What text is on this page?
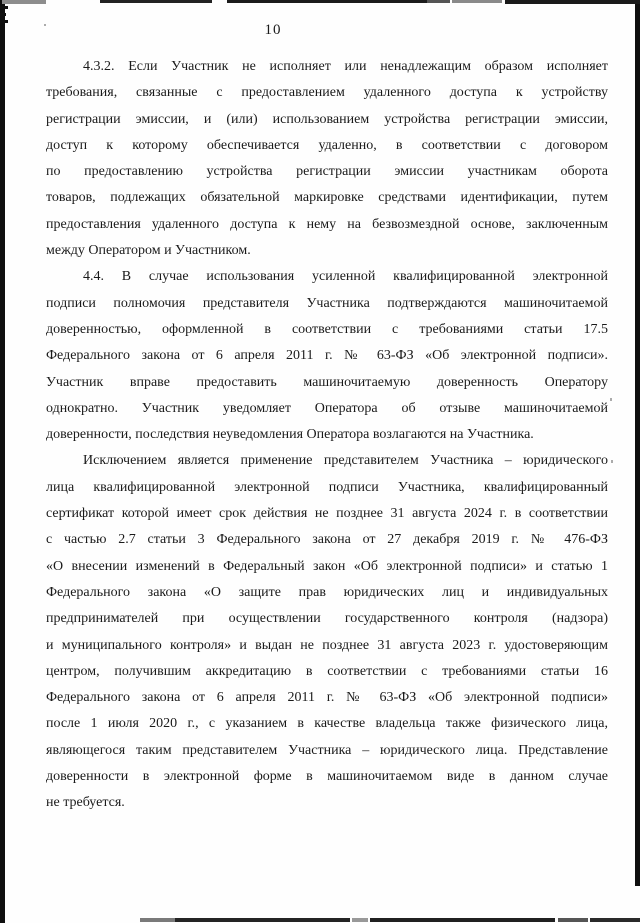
10
4.3.2. Если Участник не исполняет или ненадлежащим образом исполняет
требования, связанные с предоставлением удаленного доступа к устройству
регистрации эмиссии, и (или) использованием устройства регистрации эмиссии,
доступ к которому обеспечивается удаленно, в соответствии с договором
по предоставлению устройства регистрации эмиссии участникам оборота
товаров, подлежащих обязательной маркировке средствами идентификации, путем
предоставления удаленного доступа к нему на безвозмездной основе, заключенным
между Оператором и Участником.
4.4. В случае использования усиленной квалифицированной электронной
подписи полномочия представителя Участника подтверждаются машиночитаемой
доверенностью, оформленной в соответствии с требованиями статьи 17.5
Федерального закона от 6 апреля 2011 г. № 63-ФЗ «Об электронной подписи».
Участник вправе предоставить машиночитаемую доверенность Оператору
однократно. Участник уведомляет Оператора об отзыве машиночитаемой
доверенности, последствия неуведомления Оператора возлагаются на Участника.
Исключением является применение представителем Участника – юридического
лица квалифицированной электронной подписи Участника, квалифицированный
сертификат которой имеет срок действия не позднее 31 августа 2024 г. в соответствии
с частью 2.7 статьи 3 Федерального закона от 27 декабря 2019 г. № 476-ФЗ
«О внесении изменений в Федеральный закон «Об электронной подписи» и статью 1
Федерального закона «О защите прав юридических лиц и индивидуальных
предпринимателей при осуществлении государственного контроля (надзора)
и муниципального контроля» и выдан не позднее 31 августа 2023 г. удостоверяющим
центром, получившим аккредитацию в соответствии с требованиями статьи 16
Федерального закона от 6 апреля 2011 г. № 63-ФЗ «Об электронной подписи»
после 1 июля 2020 г., с указанием в качестве владельца также физического лица,
являющегося таким представителем Участника – юридического лица. Представление
доверенности в электронной форме в машиночитаемом виде в данном случае
не требуется.
